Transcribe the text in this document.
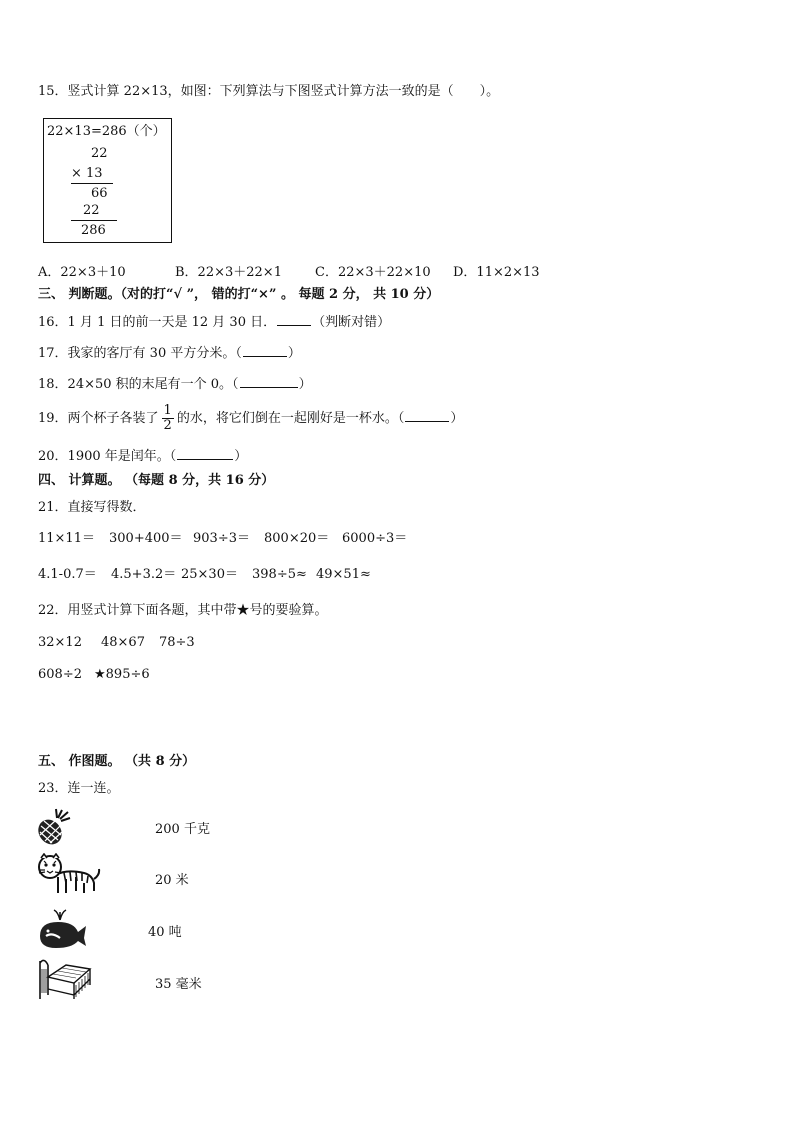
15．竖式计算 22×13，如图：下列算法与下图竖式计算方法一致的是（　　）。
22×13=286（个）
22
× 13
66
22
286
A．22×3＋10	B．22×3＋22×1	C．22×3＋22×10 D．11×2×13
三、 判断题。（对的打“√ ”， 错的打“×” 。 每题 2 分， 共 10 分）
16．1 月 1 日的前一天是 12 月 30 日．	（判断对错）
17．我家的客厅有 30 平方分米。（	）
18．24×50 积的末尾有一个 0。（	）
19．两个杯子各装了 $\frac{1}{2}$ 的水，将它们倒在一起刚好是一杯水。（	）
20．1900 年是闰年。（	）
四、 计算题。 （每题 8 分，共 16 分）
21．直接写得数．
11×11＝ 300+400＝ 903÷3＝ 800×20＝ 6000÷3＝
4.1-0.7＝ 4.5+3.2＝ 25×30＝ 398÷5≈ 49×51≈
22．用竖式计算下面各题，其中带★号的要验算。
32×12 48×67 78÷3
608÷2 ★895÷6
五、 作图题。 （共 8 分）
23．连一连。
200 千克
20 米
40 吨
35 毫米
